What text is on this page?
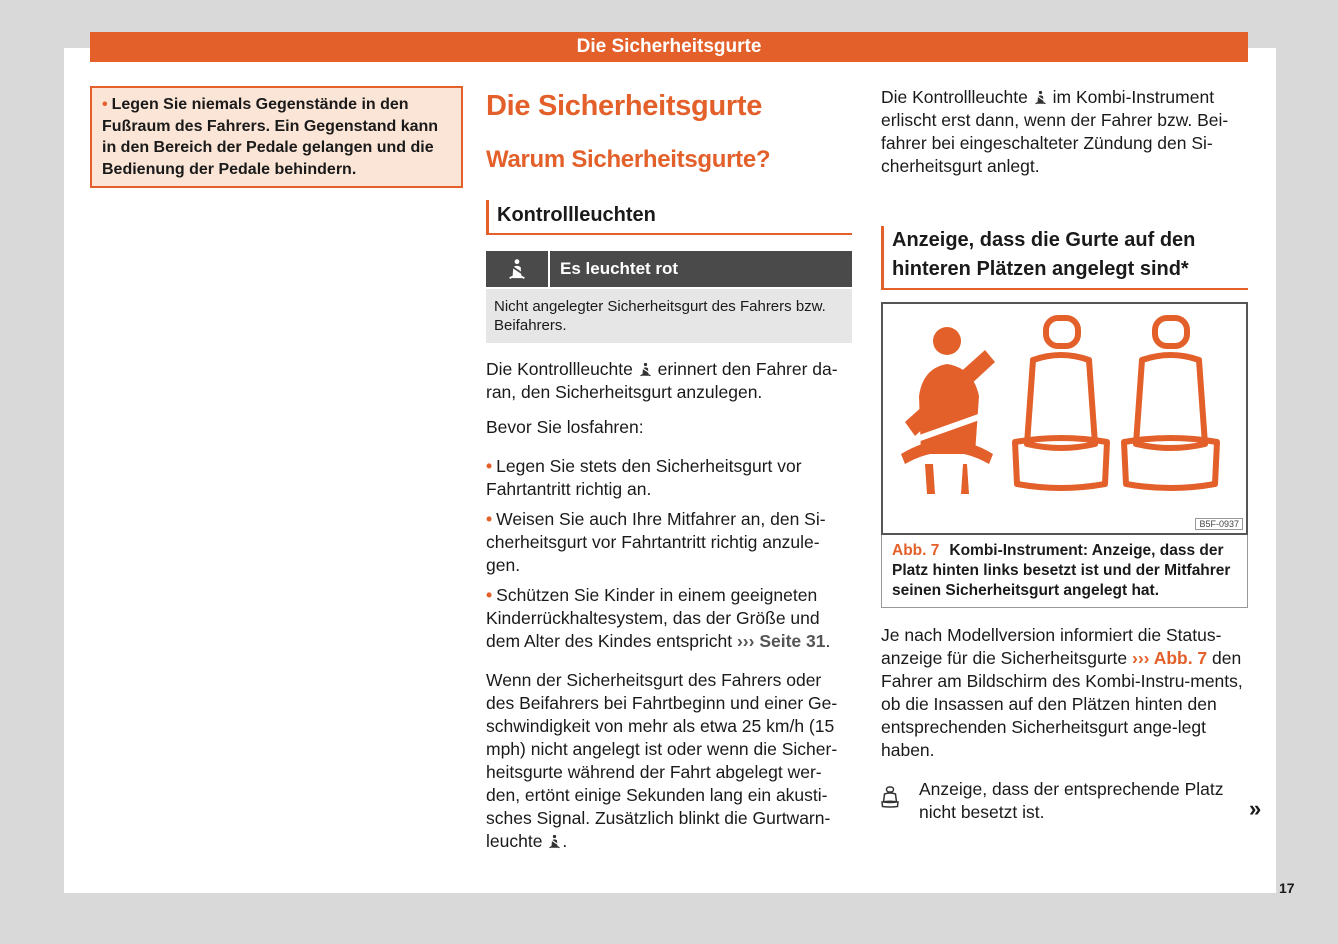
Die Sicherheitsgurte
• Legen Sie niemals Gegenstände in den Fußraum des Fahrers. Ein Gegenstand kann in den Bereich der Pedale gelangen und die Bedienung der Pedale behindern.
Die Sicherheitsgurte
Warum Sicherheitsgurte?
Kontrollleuchten
Es leuchtet rot
Nicht angelegter Sicherheitsgurt des Fahrers bzw. Beifahrers.

Die Kontrollleuchte erinnert den Fahrer da-ran, den Sicherheitsgurt anzulegen.

Bevor Sie losfahren:

• Legen Sie stets den Sicherheitsgurt vor Fahrtantritt richtig an.
• Weisen Sie auch Ihre Mitfahrer an, den Si-cherheitsgurt vor Fahrtantritt richtig anzule-gen.
• Schützen Sie Kinder in einem geeigneten Kinderrückhaltesystem, das der Größe und dem Alter des Kindes entspricht ››› Seite 31.

Wenn der Sicherheitsgurt des Fahrers oder des Beifahrers bei Fahrtbeginn und einer Ge-schwindigkeit von mehr als etwa 25 km/h (15 mph) nicht angelegt ist oder wenn die Sicher-heitsgurte während der Fahrt abgelegt wer-den, ertönt einige Sekunden lang ein akusti-sches Signal. Zusätzlich blinkt die Gurtwarn-leuchte .

Die Kontrollleuchte im Kombi-Instrument erlischt erst dann, wenn der Fahrer bzw. Bei-fahrer bei eingeschalteter Zündung den Si-cherheitsgurt anlegt.

Anzeige, dass die Gurte auf den hinteren Plätzen angelegt sind*
B5F-0937
Abb. 7 Kombi-Instrument: Anzeige, dass der Platz hinten links besetzt ist und der Mitfahrer seinen Sicherheitsgurt angelegt hat.

Je nach Modellversion informiert die Status-anzeige für die Sicherheitsgurte ››› Abb. 7 den Fahrer am Bildschirm des Kombi-Instru-ments, ob die Insassen auf den Plätzen hinten den entsprechenden Sicherheitsgurt ange-legt haben.

Anzeige, dass der entsprechende Platz nicht besetzt ist.	»
17
